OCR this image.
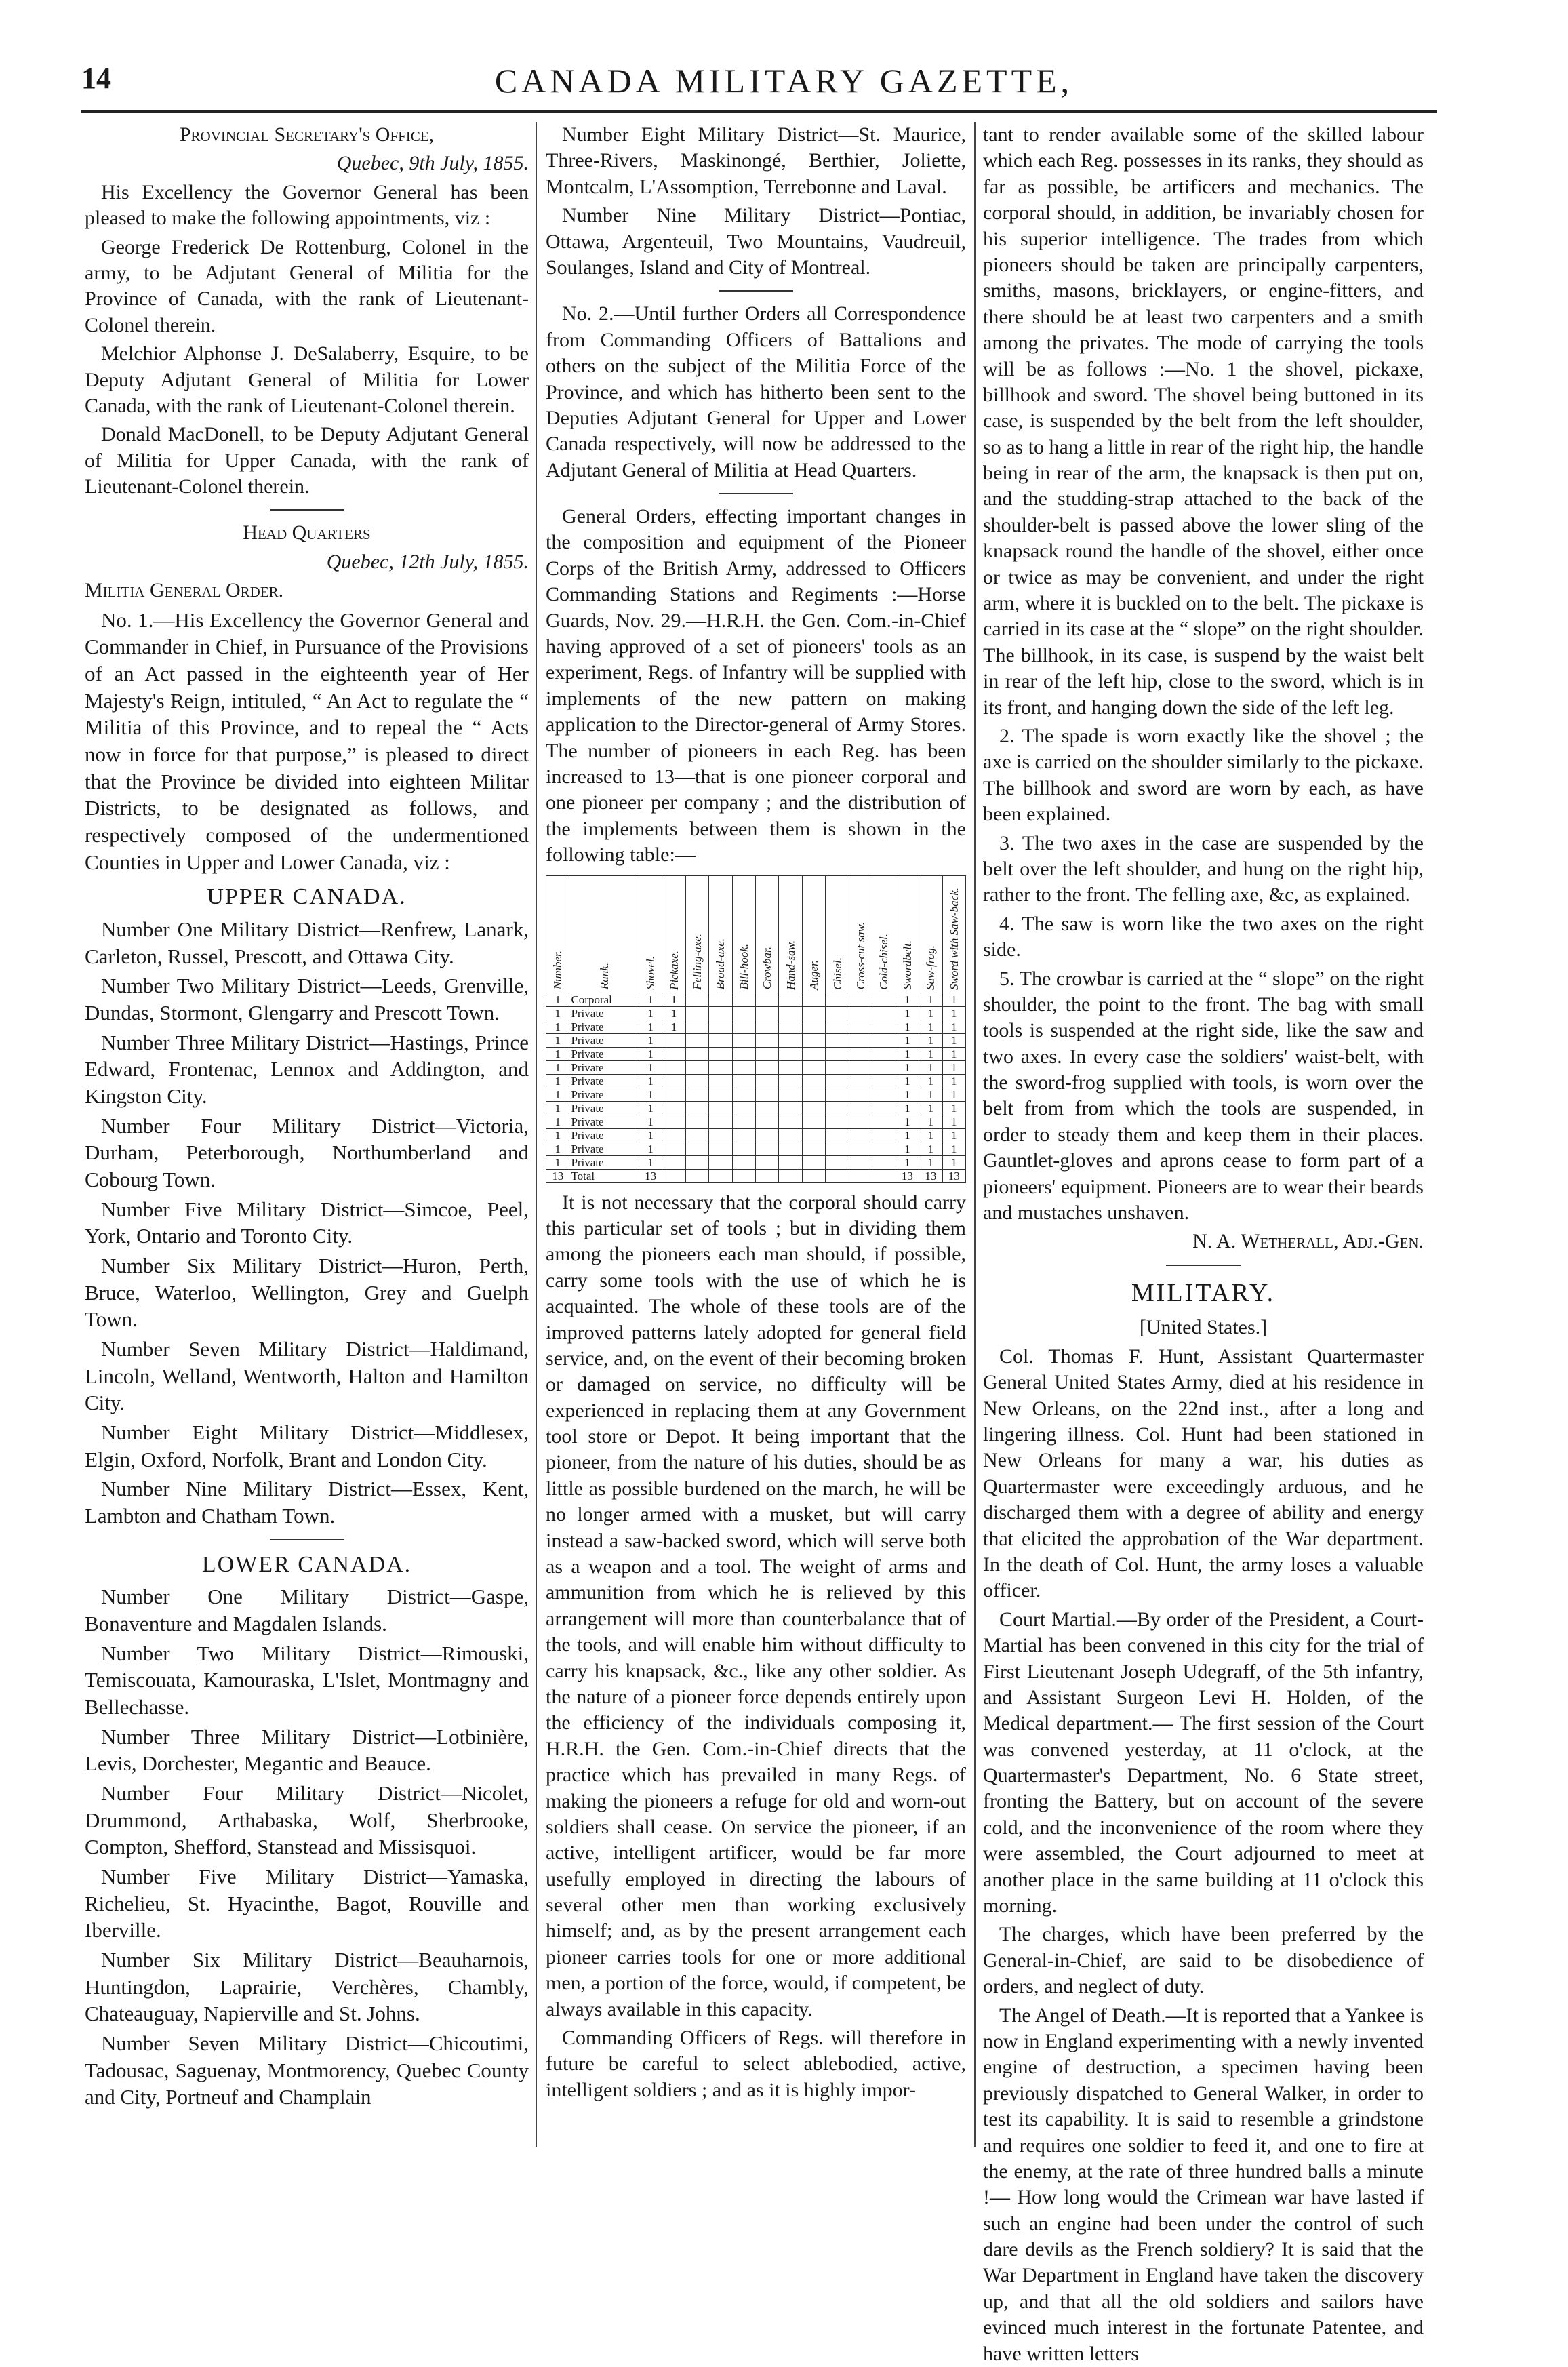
14	CANADA MILITARY GAZETTE,

Provincial Secretary's Office,

Quebec, 9th July, 1855.

His Excellency the Governor General has been pleased to make the following appointments, viz :

George Frederick De Rottenburg, Colonel in the army, to be Adjutant General of Militia for the Province of Canada, with the rank of Lieutenant-Colonel therein.

Melchior Alphonse J. DeSalaberry, Esquire, to be Deputy Adjutant General of Militia for Lower Canada, with the rank of Lieutenant-Colonel therein.

Donald MacDonell, to be Deputy Adjutant General of Militia for Upper Canada, with the rank of Lieutenant-Colonel therein.

Head Quarters

Quebec, 12th July, 1855.

Militia General Order.

No. 1.—His Excellency the Governor General and Commander in Chief, in Pursuance of the Provisions of an Act passed in the eighteenth year of Her Majesty's Reign, intituled, “ An Act to regulate the “ Militia of this Province, and to repeal the “ Acts now in force for that purpose,” is pleased to direct that the Province be divided into eighteen Militar Districts, to be designated as follows, and respectively composed of the undermentioned Counties in Upper and Lower Canada, viz :

UPPER CANADA.

Number One Military District—Renfrew, Lanark, Carleton, Russel, Prescott, and Ottawa City.

Number Two Military District—Leeds, Grenville, Dundas, Stormont, Glengarry and Prescott Town.

Number Three Military District—Hastings, Prince Edward, Frontenac, Lennox and Addington, and Kingston City.

Number Four Military District—Victoria, Durham, Peterborough, Northumberland and Cobourg Town.

Number Five Military District—Simcoe, Peel, York, Ontario and Toronto City.

Number Six Military District—Huron, Perth, Bruce, Waterloo, Wellington, Grey and Guelph Town.

Number Seven Military District—Haldimand, Lincoln, Welland, Wentworth, Halton and Hamilton City.

Number Eight Military District—Middlesex, Elgin, Oxford, Norfolk, Brant and London City.

Number Nine Military District—Essex, Kent, Lambton and Chatham Town.

LOWER CANADA.

Number One Military District—Gaspe, Bonaventure and Magdalen Islands.

Number Two Military District—Rimouski, Temiscouata, Kamouraska, L'Islet, Montmagny and Bellechasse.

Number Three Military District—Lotbinière, Levis, Dorchester, Megantic and Beauce.

Number Four Military District—Nicolet, Drummond, Arthabaska, Wolf, Sherbrooke, Compton, Shefford, Stanstead and Missisquoi.

Number Five Military District—Yamaska, Richelieu, St. Hyacinthe, Bagot, Rouville and Iberville.

Number Six Military District—Beauharnois, Huntingdon, Laprairie, Verchères, Chambly, Chateauguay, Napierville and St. Johns.

Number Seven Military District—Chicoutimi, Tadousac, Saguenay, Montmorency, Quebec County and City, Portneuf and Champlain

Number Eight Military District—St. Maurice, Three-Rivers, Maskinongé, Berthier, Joliette, Montcalm, L'Assomption, Terrebonne and Laval.

Number Nine Military District—Pontiac, Ottawa, Argenteuil, Two Mountains, Vaudreuil, Soulanges, Island and City of Montreal.

No. 2.—Until further Orders all Correspondence from Commanding Officers of Battalions and others on the subject of the Militia Force of the Province, and which has hitherto been sent to the Deputies Adjutant General for Upper and Lower Canada respectively, will now be addressed to the Adjutant General of Militia at Head Quarters.

General Orders, effecting important changes in the composition and equipment of the Pioneer Corps of the British Army, addressed to Officers Commanding Stations and Regiments :—Horse Guards, Nov. 29.—H.R.H. the Gen. Com.-in-Chief having approved of a set of pioneers' tools as an experiment, Regs. of Infantry will be supplied with implements of the new pattern on making application to the Director-general of Army Stores. The number of pioneers in each Reg. has been increased to 13—that is one pioneer corporal and one pioneer per company ; and the distribution of the implements between them is shown in the following table:—

Number.	Rank.	Shovel.	Pickaxe.	Felling-axe.	Broad-axe.	Bill-hook.	Crowbar.	Hand-saw.	Auger.	Chisel.	Cross-cut saw.	Cold-chisel.	Swordbelt.	Saw-frog.	Sword with Saw-back.
1	Corporal	1	1										1	1	1
1	Private	1	1										1	1	1
1	Private	1	1										1	1	1
1	Private	1											1	1	1
1	Private	1											1	1	1
1	Private	1											1	1	1
1	Private	1											1	1	1
1	Private	1											1	1	1
1	Private	1											1	1	1
1	Private	1											1	1	1
1	Private	1											1	1	1
1	Private	1											1	1	1
1	Private	1											1	1	1
13	Total	13											13	13	13

It is not necessary that the corporal should carry this particular set of tools ; but in dividing them among the pioneers each man should, if possible, carry some tools with the use of which he is acquainted. The whole of these tools are of the improved patterns lately adopted for general field service, and, on the event of their becoming broken or damaged on service, no difficulty will be experienced in replacing them at any Government tool store or Depot. It being important that the pioneer, from the nature of his duties, should be as little as possible burdened on the march, he will be no longer armed with a musket, but will carry instead a saw-backed sword, which will serve both as a weapon and a tool. The weight of arms and ammunition from which he is relieved by this arrangement will more than counterbalance that of the tools, and will enable him without difficulty to carry his knapsack, &c., like any other soldier. As the nature of a pioneer force depends entirely upon the efficiency of the individuals composing it, H.R.H. the Gen. Com.-in-Chief directs that the practice which has prevailed in many Regs. of making the pioneers a refuge for old and worn-out soldiers shall cease. On service the pioneer, if an active, intelligent artificer, would be far more usefully employed in directing the labours of several other men than working exclusively himself; and, as by the present arrangement each pioneer carries tools for one or more additional men, a portion of the force, would, if competent, be always available in this capacity.

Commanding Officers of Regs. will therefore in future be careful to select ablebodied, active, intelligent soldiers ; and as it is highly impor-

tant to render available some of the skilled labour which each Reg. possesses in its ranks, they should as far as possible, be artificers and mechanics. The corporal should, in addition, be invariably chosen for his superior intelligence. The trades from which pioneers should be taken are principally carpenters, smiths, masons, bricklayers, or engine-fitters, and there should be at least two carpenters and a smith among the privates. The mode of carrying the tools will be as follows :—No. 1 the shovel, pickaxe, billhook and sword. The shovel being buttoned in its case, is suspended by the belt from the left shoulder, so as to hang a little in rear of the right hip, the handle being in rear of the arm, the knapsack is then put on, and the studding-strap attached to the back of the shoulder-belt is passed above the lower sling of the knapsack round the handle of the shovel, either once or twice as may be convenient, and under the right arm, where it is buckled on to the belt. The pickaxe is carried in its case at the “ slope” on the right shoulder. The billhook, in its case, is suspend by the waist belt in rear of the left hip, close to the sword, which is in its front, and hanging down the side of the left leg.

2. The spade is worn exactly like the shovel ; the axe is carried on the shoulder similarly to the pickaxe. The billhook and sword are worn by each, as have been explained.

3. The two axes in the case are suspended by the belt over the left shoulder, and hung on the right hip, rather to the front. The felling axe, &c, as explained.

4. The saw is worn like the two axes on the right side.

5. The crowbar is carried at the “ slope” on the right shoulder, the point to the front. The bag with small tools is suspended at the right side, like the saw and two axes. In every case the soldiers' waist-belt, with the sword-frog supplied with tools, is worn over the belt from from which the tools are suspended, in order to steady them and keep them in their places. Gauntlet-gloves and aprons cease to form part of a pioneers' equipment. Pioneers are to wear their beards and mustaches unshaven.

N. A. Wetherall, Adj.-Gen.

MILITARY.

[United States.]

Col. Thomas F. Hunt, Assistant Quartermaster General United States Army, died at his residence in New Orleans, on the 22nd inst., after a long and lingering illness. Col. Hunt had been stationed in New Orleans for many a war, his duties as Quartermaster were exceedingly arduous, and he discharged them with a degree of ability and energy that elicited the approbation of the War department. In the death of Col. Hunt, the army loses a valuable officer.

Court Martial.—By order of the President, a Court-Martial has been convened in this city for the trial of First Lieutenant Joseph Udegraff, of the 5th infantry, and Assistant Surgeon Levi H. Holden, of the Medical department.— The first session of the Court was convened yesterday, at 11 o'clock, at the Quartermaster's Department, No. 6 State street, fronting the Battery, but on account of the severe cold, and the inconvenience of the room where they were assembled, the Court adjourned to meet at another place in the same building at 11 o'clock this morning.

The charges, which have been preferred by the General-in-Chief, are said to be disobedience of orders, and neglect of duty.

The Angel of Death.—It is reported that a Yankee is now in England experimenting with a newly invented engine of destruction, a specimen having been previously dispatched to General Walker, in order to test its capability. It is said to resemble a grindstone and requires one soldier to feed it, and one to fire at the enemy, at the rate of three hundred balls a minute !— How long would the Crimean war have lasted if such an engine had been under the control of such dare devils as the French soldiery? It is said that the War Department in England have taken the discovery up, and that all the old soldiers and sailors have evinced much interest in the fortunate Patentee, and have written letters
